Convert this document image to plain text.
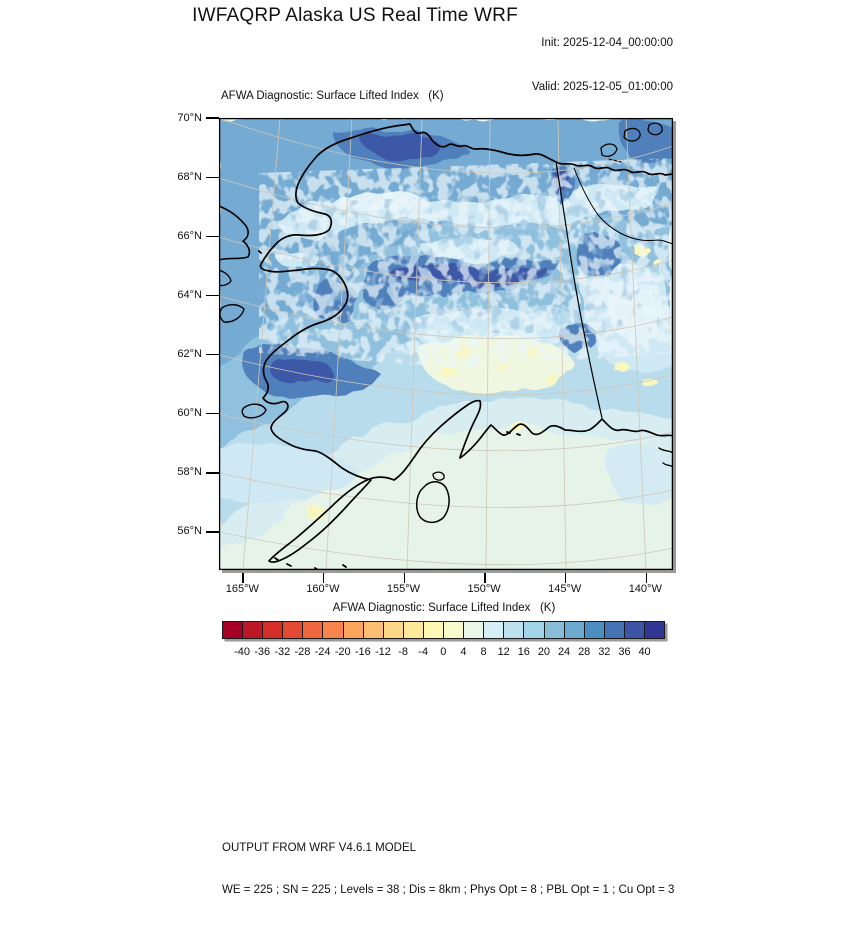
IWFAQRP Alaska US Real Time WRF

Init: 2025-12-04_00:00:00

Valid: 2025-12-05_01:00:00

AFWA Diagnostic: Surface Lifted Index   (K)
70°N
68°N
66°N
64°N
62°N
60°N
58°N
56°N
165°W	160°W	155°W	150°W	145°W	140°W
AFWA Diagnostic: Surface Lifted Index   (K)
-40 -36 -32 -28 -24 -20 -16 -12 -8 -4	0	4	8 12 16 20 24 28 32 36 40

OUTPUT FROM WRF V4.6.1 MODEL

WE = 225 ; SN = 225 ; Levels = 38 ; Dis = 8km ; Phys Opt = 8 ; PBL Opt = 1 ; Cu Opt = 3
